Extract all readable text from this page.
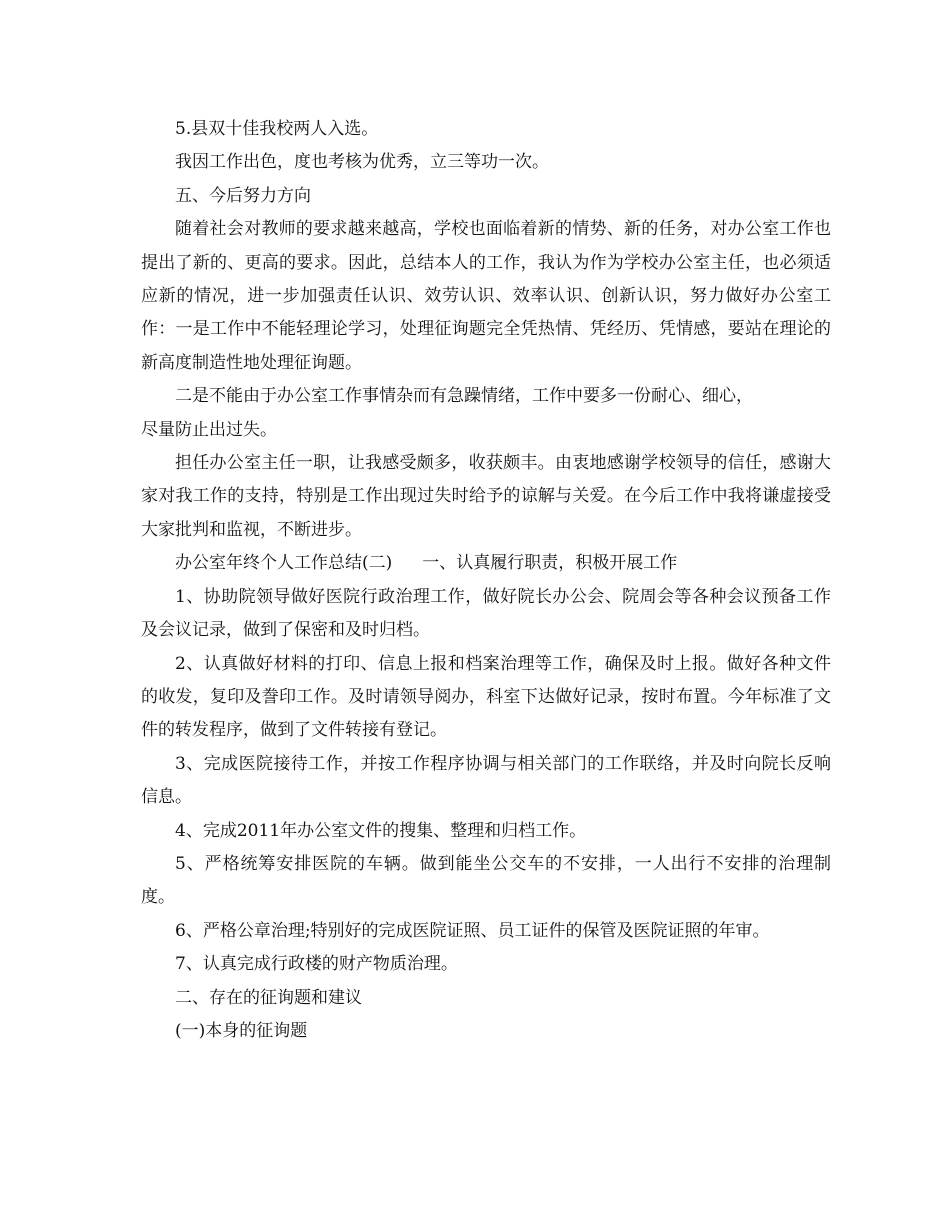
5.县双十佳我校两人入选。

我因工作出色，度也考核为优秀，立三等功一次。

五、今后努力方向

随着社会对教师的要求越来越高，学校也面临着新的情势、新的任务，对办公室工作也提出了新的、更高的要求。因此，总结本人的工作，我认为作为学校办公室主任，也必须适应新的情况，进一步加强责任认识、效劳认识、效率认识、创新认识，努力做好办公室工作：一是工作中不能轻理论学习，处理征询题完全凭热情、凭经历、凭情感，要站在理论的新高度制造性地处理征询题。

二是不能由于办公室工作事情杂而有急躁情绪，工作中要多一份耐心、细心，

尽量防止出过失。

担任办公室主任一职，让我感受颇多，收获颇丰。由衷地感谢学校领导的信任，感谢大家对我工作的支持，特别是工作出现过失时给予的谅解与关爱。在今后工作中我将谦虚接受大家批判和监视，不断进步。

办公室年终个人工作总结(二) 一、认真履行职责，积极开展工作

1、协助院领导做好医院行政治理工作，做好院长办公会、院周会等各种会议预备工作及会议记录，做到了保密和及时归档。

2、认真做好材料的打印、信息上报和档案治理等工作，确保及时上报。做好各种文件的收发，复印及誊印工作。及时请领导阅办，科室下达做好记录，按时布置。今年标准了文件的转发程序，做到了文件转接有登记。

3、完成医院接待工作，并按工作程序协调与相关部门的工作联络，并及时向院长反响信息。

4、完成2011年办公室文件的搜集、整理和归档工作。

5、严格统筹安排医院的车辆。做到能坐公交车的不安排，一人出行不安排的治理制度。

6、严格公章治理;特别好的完成医院证照、员工证件的保管及医院证照的年审。

7、认真完成行政楼的财产物质治理。

二、存在的征询题和建议

(一)本身的征询题
